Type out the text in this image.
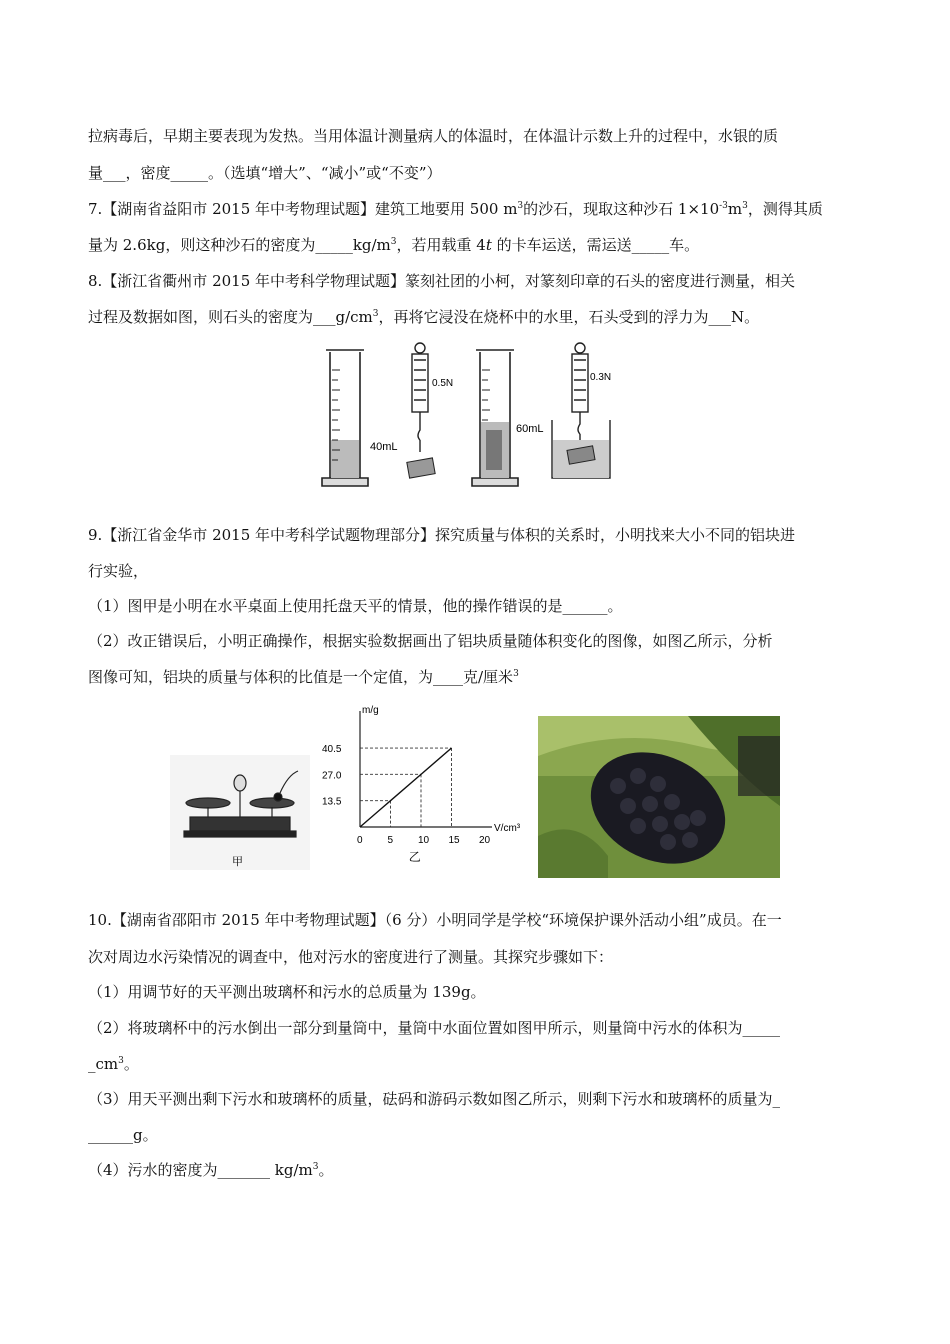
拉病毒后，早期主要表现为发热。当用体温计测量病人的体温时，在体温计示数上升的过程中，水银的质
量___，密度_____。（选填“增大”、“减小”或“不变”）
7.【湖南省益阳市 2015 年中考物理试题】建筑工地要用 500 $m^3$的沙石，现取这种沙石 $1\times 10^{-3}m^3$，测得其质
量为 2.6kg，则这种沙石的密度为$\_\_\_\_\_kg/m^3$，若用载重 4t 的卡车运送，需运送_____车。
8.【浙江省衢州市 2015 年中考科学物理试题】篆刻社团的小柯，对篆刻印章的石头的密度进行测量，相关
过程及数据如图，则石头的密度为$\_\_\_g/cm^3$，再将它浸没在烧杯中的水里，石头受到的浮力为___N。
40mL
0.5N
60mL
0.3N
9.【浙江省金华市 2015 年中考科学试题物理部分】探究质量与体积的关系时，小明找来大小不同的铝块进
行实验，
（1）图甲是小明在水平桌面上使用托盘天平的情景，他的操作错误的是______。
（2）改正错误后，小明正确操作，根据实验数据画出了铝块质量随体积变化的图像，如图乙所示，分析
图像可知，铝块的质量与体积的比值是一个定值，为____克/厘米$^3$
甲
m/g
V/cm³
0 5 10 15 20
40.5
27.0
13.5
乙
10.【湖南省邵阳市 2015 年中考物理试题】（6 分）小明同学是学校“环境保护课外活动小组”成员。在一
次对周边水污染情况的调查中，他对污水的密度进行了测量。其探究步骤如下：
（1）用调节好的天平测出玻璃杯和污水的总质量为 139g。
（2）将玻璃杯中的污水倒出一部分到量筒中，量筒中水面位置如图甲所示，则量筒中污水的体积为_____
$\_cm^3$。
（3）用天平测出剩下污水和玻璃杯的质量，砝码和游码示数如图乙所示，则剩下污水和玻璃杯的质量为_
______g。
（4）污水的密度为_______ $kg/m^3$。
